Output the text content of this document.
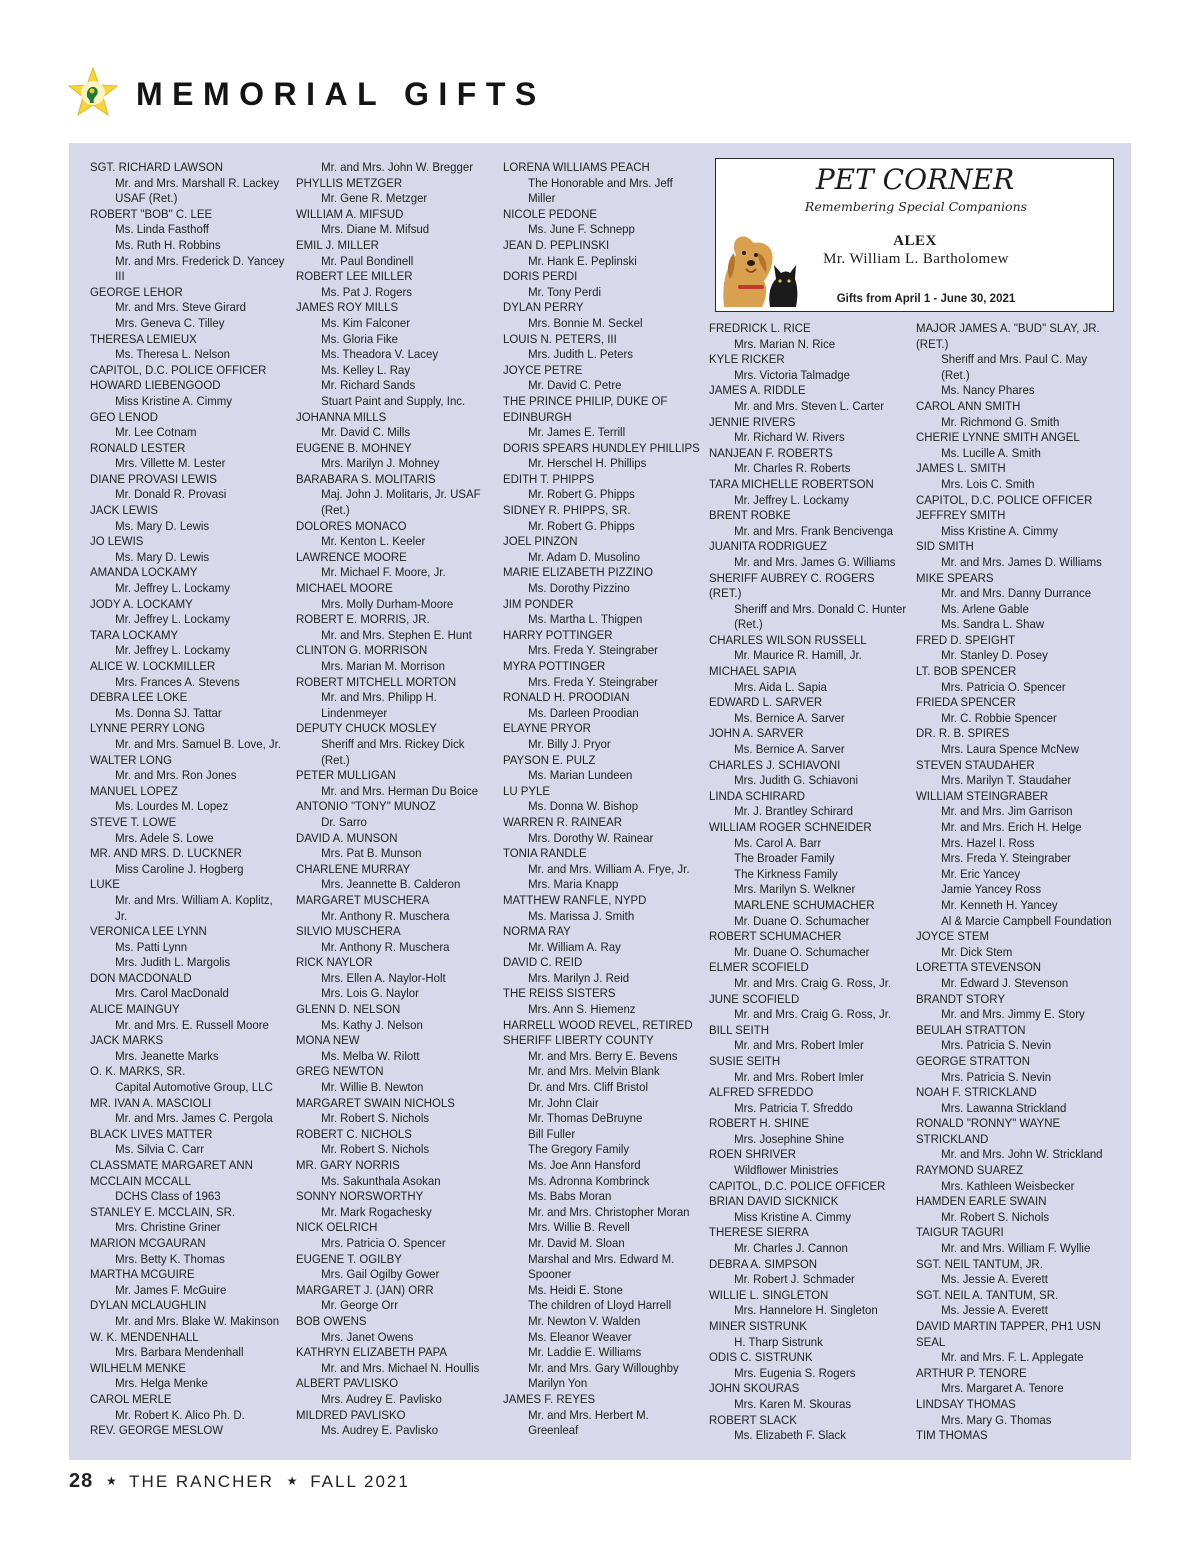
MEMORIAL GIFTS
SGT. RICHARD LAWSON
Mr. and Mrs. Marshall R. Lackey
USAF (Ret.)
ROBERT "BOB" C. LEE
Ms. Linda Fasthoff
Ms. Ruth H. Robbins
Mr. and Mrs. Frederick D. Yancey
III
GEORGE LEHOR
Mr. and Mrs. Steve Girard
Mrs. Geneva C. Tilley
THERESA LEMIEUX
Ms. Theresa L. Nelson
CAPITOL, D.C. POLICE OFFICER
HOWARD LIEBENGOOD
Miss Kristine A. Cimmy
GEO LENOD
Mr. Lee Cotnam
RONALD LESTER
Mrs. Villette M. Lester
DIANE PROVASI LEWIS
Mr. Donald R. Provasi
JACK LEWIS
Ms. Mary D. Lewis
JO LEWIS
Ms. Mary D. Lewis
AMANDA LOCKAMY
Mr. Jeffrey L. Lockamy
JODY A. LOCKAMY
Mr. Jeffrey L. Lockamy
TARA LOCKAMY
Mr. Jeffrey L. Lockamy
ALICE W. LOCKMILLER
Mrs. Frances A. Stevens
DEBRA LEE LOKE
Ms. Donna SJ. Tattar
LYNNE PERRY LONG
Mr. and Mrs. Samuel B. Love, Jr.
WALTER LONG
Mr. and Mrs. Ron Jones
MANUEL LOPEZ
Ms. Lourdes M. Lopez
STEVE T. LOWE
Mrs. Adele S. Lowe
MR. AND MRS. D. LUCKNER
Miss Caroline J. Hogberg
LUKE
Mr. and Mrs. William A. Koplitz,
Jr.
VERONICA LEE LYNN
Ms. Patti Lynn
Mrs. Judith L. Margolis
DON MACDONALD
Mrs. Carol MacDonald
ALICE MAINGUY
Mr. and Mrs. E. Russell Moore
JACK MARKS
Mrs. Jeanette Marks
O. K. MARKS, SR.
Capital Automotive Group, LLC
MR. IVAN A. MASCIOLI
Mr. and Mrs. James C. Pergola
BLACK LIVES MATTER
Ms. Silvia C. Carr
CLASSMATE MARGARET ANN
MCCLAIN MCCALL
DCHS Class of 1963
STANLEY E. MCCLAIN, SR.
Mrs. Christine Griner
MARION MCGAURAN
Mrs. Betty K. Thomas
MARTHA MCGUIRE
Mr. James F. McGuire
DYLAN MCLAUGHLIN
Mr. and Mrs. Blake W. Makinson
W. K. MENDENHALL
Mrs. Barbara Mendenhall
WILHELM MENKE
Mrs. Helga Menke
CAROL MERLE
Mr. Robert K. Alico Ph. D.
REV. GEORGE MESLOW
Mr. and Mrs. John W. Bregger
PHYLLIS METZGER
Mr. Gene R. Metzger
WILLIAM A. MIFSUD
Mrs. Diane M. Mifsud
EMIL J. MILLER
Mr. Paul Bondinell
ROBERT LEE MILLER
Ms. Pat J. Rogers
JAMES ROY MILLS
Ms. Kim Falconer
Ms. Gloria Fike
Ms. Theadora V. Lacey
Ms. Kelley L. Ray
Mr. Richard Sands
Stuart Paint and Supply, Inc.
JOHANNA MILLS
Mr. David C. Mills
EUGENE B. MOHNEY
Mrs. Marilyn J. Mohney
BARABARA S. MOLITARIS
Maj. John J. Molitaris, Jr. USAF
(Ret.)
DOLORES MONACO
Mr. Kenton L. Keeler
LAWRENCE MOORE
Mr. Michael F. Moore, Jr.
MICHAEL MOORE
Mrs. Molly Durham-Moore
ROBERT E. MORRIS, JR.
Mr. and Mrs. Stephen E. Hunt
CLINTON G. MORRISON
Mrs. Marian M. Morrison
ROBERT MITCHELL MORTON
Mr. and Mrs. Philipp H.
Lindenmeyer
DEPUTY CHUCK MOSLEY
Sheriff and Mrs. Rickey Dick
(Ret.)
PETER MULLIGAN
Mr. and Mrs. Herman Du Boice
ANTONIO "TONY" MUNOZ
Dr. Sarro
DAVID A. MUNSON
Mrs. Pat B. Munson
CHARLENE MURRAY
Mrs. Jeannette B. Calderon
MARGARET MUSCHERA
Mr. Anthony R. Muschera
SILVIO MUSCHERA
Mr. Anthony R. Muschera
RICK NAYLOR
Mrs. Ellen A. Naylor-Holt
Mrs. Lois G. Naylor
GLENN D. NELSON
Ms. Kathy J. Nelson
MONA NEW
Ms. Melba W. Rilott
GREG NEWTON
Mr. Willie B. Newton
MARGARET SWAIN NICHOLS
Mr. Robert S. Nichols
ROBERT C. NICHOLS
Mr. Robert S. Nichols
MR. GARY NORRIS
Ms. Sakunthala Asokan
SONNY NORSWORTHY
Mr. Mark Rogachesky
NICK OELRICH
Mrs. Patricia O. Spencer
EUGENE T. OGILBY
Mrs. Gail Ogilby Gower
MARGARET J. (JAN) ORR
Mr. George Orr
BOB OWENS
Mrs. Janet Owens
KATHRYN ELIZABETH PAPA
Mr. and Mrs. Michael N. Houllis
ALBERT PAVLISKO
Mrs. Audrey E. Pavlisko
MILDRED PAVLISKO
Ms. Audrey E. Pavlisko
LORENA WILLIAMS PEACH
The Honorable and Mrs. Jeff
Miller
NICOLE PEDONE
Ms. June F. Schnepp
JEAN D. PEPLINSKI
Mr. Hank E. Peplinski
DORIS PERDI
Mr. Tony Perdi
DYLAN PERRY
Mrs. Bonnie M. Seckel
LOUIS N. PETERS, III
Mrs. Judith L. Peters
JOYCE PETRE
Mr. David C. Petre
THE PRINCE PHILIP, DUKE OF
EDINBURGH
Mr. James E. Terrill
DORIS SPEARS HUNDLEY PHILLIPS
Mr. Herschel H. Phillips
EDITH T. PHIPPS
Mr. Robert G. Phipps
SIDNEY R. PHIPPS, SR.
Mr. Robert G. Phipps
JOEL PINZON
Mr. Adam D. Musolino
MARIE ELIZABETH PIZZINO
Ms. Dorothy Pizzino
JIM PONDER
Ms. Martha L. Thigpen
HARRY POTTINGER
Mrs. Freda Y. Steingraber
MYRA POTTINGER
Mrs. Freda Y. Steingraber
RONALD H. PROODIAN
Ms. Darleen Proodian
ELAYNE PRYOR
Mr. Billy J. Pryor
PAYSON E. PULZ
Ms. Marian Lundeen
LU PYLE
Ms. Donna W. Bishop
WARREN R. RAINEAR
Mrs. Dorothy W. Rainear
TONIA RANDLE
Mr. and Mrs. William A. Frye, Jr.
Mrs. Maria Knapp
MATTHEW RANFLE, NYPD
Ms. Marissa J. Smith
NORMA RAY
Mr. William A. Ray
DAVID C. REID
Mrs. Marilyn J. Reid
THE REISS SISTERS
Mrs. Ann S. Hiemenz
HARRELL WOOD REVEL, RETIRED
SHERIFF LIBERTY COUNTY
Mr. and Mrs. Berry E. Bevens
Mr. and Mrs. Melvin Blank
Dr. and Mrs. Cliff Bristol
Mr. John Clair
Mr. Thomas DeBruyne
Bill Fuller
The Gregory Family
Ms. Joe Ann Hansford
Ms. Adronna Kombrinck
Ms. Babs Moran
Mr. and Mrs. Christopher Moran
Mrs. Willie B. Revell
Mr. David M. Sloan
Marshal and Mrs. Edward M.
Spooner
Ms. Heidi E. Stone
The children of Lloyd Harrell
Mr. Newton V. Walden
Ms. Eleanor Weaver
Mr. Laddie E. Williams
Mr. and Mrs. Gary Willoughby
Marilyn Yon
JAMES F. REYES
Mr. and Mrs. Herbert M.
Greenleaf
FREDRICK L. RICE
Mrs. Marian N. Rice
KYLE RICKER
Mrs. Victoria Talmadge
JAMES A. RIDDLE
Mr. and Mrs. Steven L. Carter
JENNIE RIVERS
Mr. Richard W. Rivers
NANJEAN F. ROBERTS
Mr. Charles R. Roberts
TARA MICHELLE ROBERTSON
Mr. Jeffrey L. Lockamy
BRENT ROBKE
Mr. and Mrs. Frank Bencivenga
JUANITA RODRIGUEZ
Mr. and Mrs. James G. Williams
SHERIFF AUBREY C. ROGERS
(RET.)
Sheriff and Mrs. Donald C. Hunter
(Ret.)
CHARLES WILSON RUSSELL
Mr. Maurice R. Hamill, Jr.
MICHAEL SAPIA
Mrs. Aida L. Sapia
EDWARD L. SARVER
Ms. Bernice A. Sarver
JOHN A. SARVER
Ms. Bernice A. Sarver
CHARLES J. SCHIAVONI
Mrs. Judith G. Schiavoni
LINDA SCHIRARD
Mr. J. Brantley Schirard
WILLIAM ROGER SCHNEIDER
Ms. Carol A. Barr
The Broader Family
The Kirkness Family
Mrs. Marilyn S. Welkner
MARLENE SCHUMACHER
Mr. Duane O. Schumacher
ROBERT SCHUMACHER
Mr. Duane O. Schumacher
ELMER SCOFIELD
Mr. and Mrs. Craig G. Ross, Jr.
JUNE SCOFIELD
Mr. and Mrs. Craig G. Ross, Jr.
BILL SEITH
Mr. and Mrs. Robert Imler
SUSIE SEITH
Mr. and Mrs. Robert Imler
ALFRED SFREDDO
Mrs. Patricia T. Sfreddo
ROBERT H. SHINE
Mrs. Josephine Shine
ROEN SHRIVER
Wildflower Ministries
CAPITOL, D.C. POLICE OFFICER
BRIAN DAVID SICKNICK
Miss Kristine A. Cimmy
THERESE SIERRA
Mr. Charles J. Cannon
DEBRA A. SIMPSON
Mr. Robert J. Schmader
WILLIE L. SINGLETON
Mrs. Hannelore H. Singleton
MINER SISTRUNK
H. Tharp Sistrunk
ODIS C. SISTRUNK
Mrs. Eugenia S. Rogers
JOHN SKOURAS
Mrs. Karen M. Skouras
ROBERT SLACK
Ms. Elizabeth F. Slack
MAJOR JAMES A. "BUD" SLAY, JR.
(RET.)
Sheriff and Mrs. Paul C. May
(Ret.)
Ms. Nancy Phares
CAROL ANN SMITH
Mr. Richmond G. Smith
CHERIE LYNNE SMITH ANGEL
Ms. Lucille A. Smith
JAMES L. SMITH
Mrs. Lois C. Smith
CAPITOL, D.C. POLICE OFFICER
JEFFREY SMITH
Miss Kristine A. Cimmy
SID SMITH
Mr. and Mrs. James D. Williams
MIKE SPEARS
Mr. and Mrs. Danny Durrance
Ms. Arlene Gable
Ms. Sandra L. Shaw
FRED D. SPEIGHT
Mr. Stanley D. Posey
LT. BOB SPENCER
Mrs. Patricia O. Spencer
FRIEDA SPENCER
Mr. C. Robbie Spencer
DR. R. B. SPIRES
Mrs. Laura Spence McNew
STEVEN STAUDAHER
Mrs. Marilyn T. Staudaher
WILLIAM STEINGRABER
Mr. and Mrs. Jim Garrison
Mr. and Mrs. Erich H. Helge
Mrs. Hazel I. Ross
Mrs. Freda Y. Steingraber
Mr. Eric Yancey
Jamie Yancey Ross
Mr. Kenneth H. Yancey
Al & Marcie Campbell Foundation
JOYCE STEM
Mr. Dick Stem
LORETTA STEVENSON
Mr. Edward J. Stevenson
BRANDT STORY
Mr. and Mrs. Jimmy E. Story
BEULAH STRATTON
Mrs. Patricia S. Nevin
GEORGE STRATTON
Mrs. Patricia S. Nevin
NOAH F. STRICKLAND
Mrs. Lawanna Strickland
RONALD "RONNY" WAYNE
STRICKLAND
Mr. and Mrs. John W. Strickland
RAYMOND SUAREZ
Mrs. Kathleen Weisbecker
HAMDEN EARLE SWAIN
Mr. Robert S. Nichols
TAIGUR TAGURI
Mr. and Mrs. William F. Wyllie
SGT. NEIL TANTUM, JR.
Ms. Jessie A. Everett
SGT. NEIL A. TANTUM, SR.
Ms. Jessie A. Everett
DAVID MARTIN TAPPER, PH1 USN
SEAL
Mr. and Mrs. F. L. Applegate
ARTHUR P. TENORE
Mrs. Margaret A. Tenore
LINDSAY THOMAS
Mrs. Mary G. Thomas
TIM THOMAS
PET CORNER
Remembering Special Companions
ALEX
Mr. William L. Bartholomew
Gifts from April 1 - June 30, 2021
28 ★ THE RANCHER ★ FALL 2021
